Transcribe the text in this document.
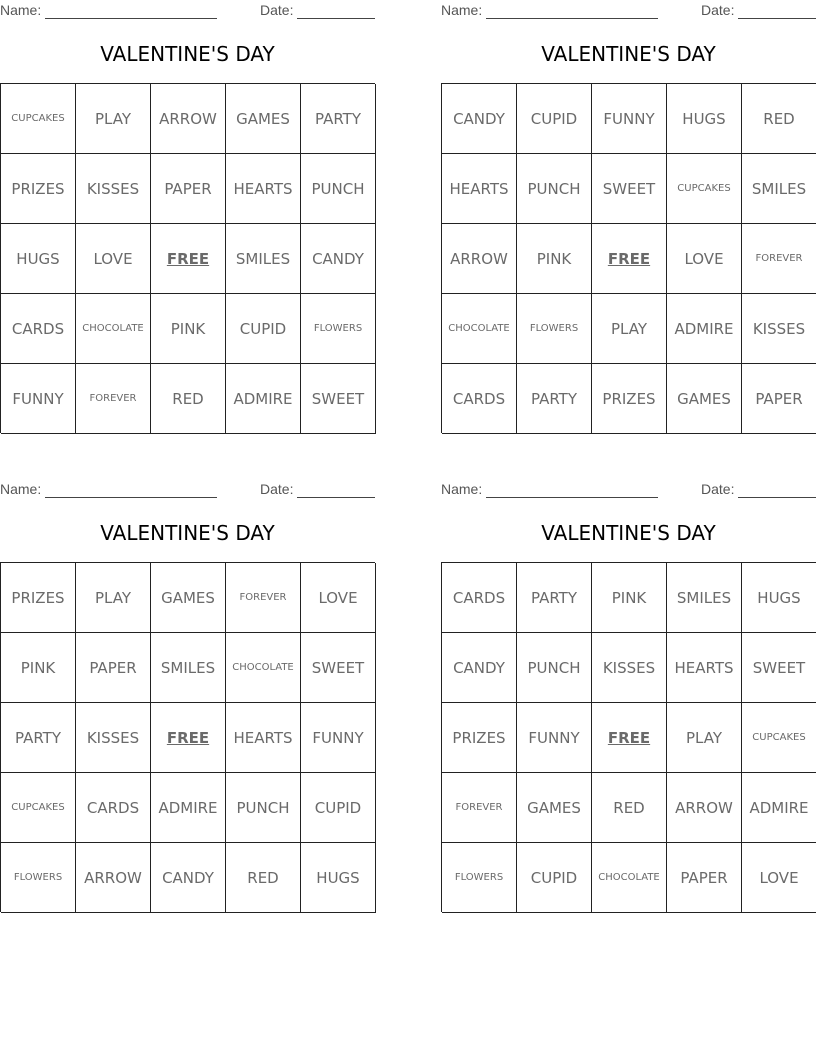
Name:	Date:
VALENTINE'S DAY
CUPCAKES	PLAY	ARROW	GAMES	PARTY
PRIZES	KISSES	PAPER	HEARTS	PUNCH
HUGS	LOVE	FREE	SMILES	CANDY
CARDS	CHOCOLATE	PINK	CUPID	FLOWERS
FUNNY	FOREVER	RED	ADMIRE	SWEET
Name:	Date:
VALENTINE'S DAY
CANDY	CUPID	FUNNY	HUGS	RED
HEARTS	PUNCH	SWEET	CUPCAKES	SMILES
ARROW	PINK	FREE	LOVE	FOREVER
CHOCOLATE	FLOWERS	PLAY	ADMIRE	KISSES
CARDS	PARTY	PRIZES	GAMES	PAPER
Name:	Date:
VALENTINE'S DAY
PRIZES	PLAY	GAMES	FOREVER	LOVE
PINK	PAPER	SMILES	CHOCOLATE	SWEET
PARTY	KISSES	FREE	HEARTS	FUNNY
CUPCAKES	CARDS	ADMIRE	PUNCH	CUPID
FLOWERS	ARROW	CANDY	RED	HUGS
Name:	Date:
VALENTINE'S DAY
CARDS	PARTY	PINK	SMILES	HUGS
CANDY	PUNCH	KISSES	HEARTS	SWEET
PRIZES	FUNNY	FREE	PLAY	CUPCAKES
FOREVER	GAMES	RED	ARROW	ADMIRE
FLOWERS	CUPID	CHOCOLATE	PAPER	LOVE
